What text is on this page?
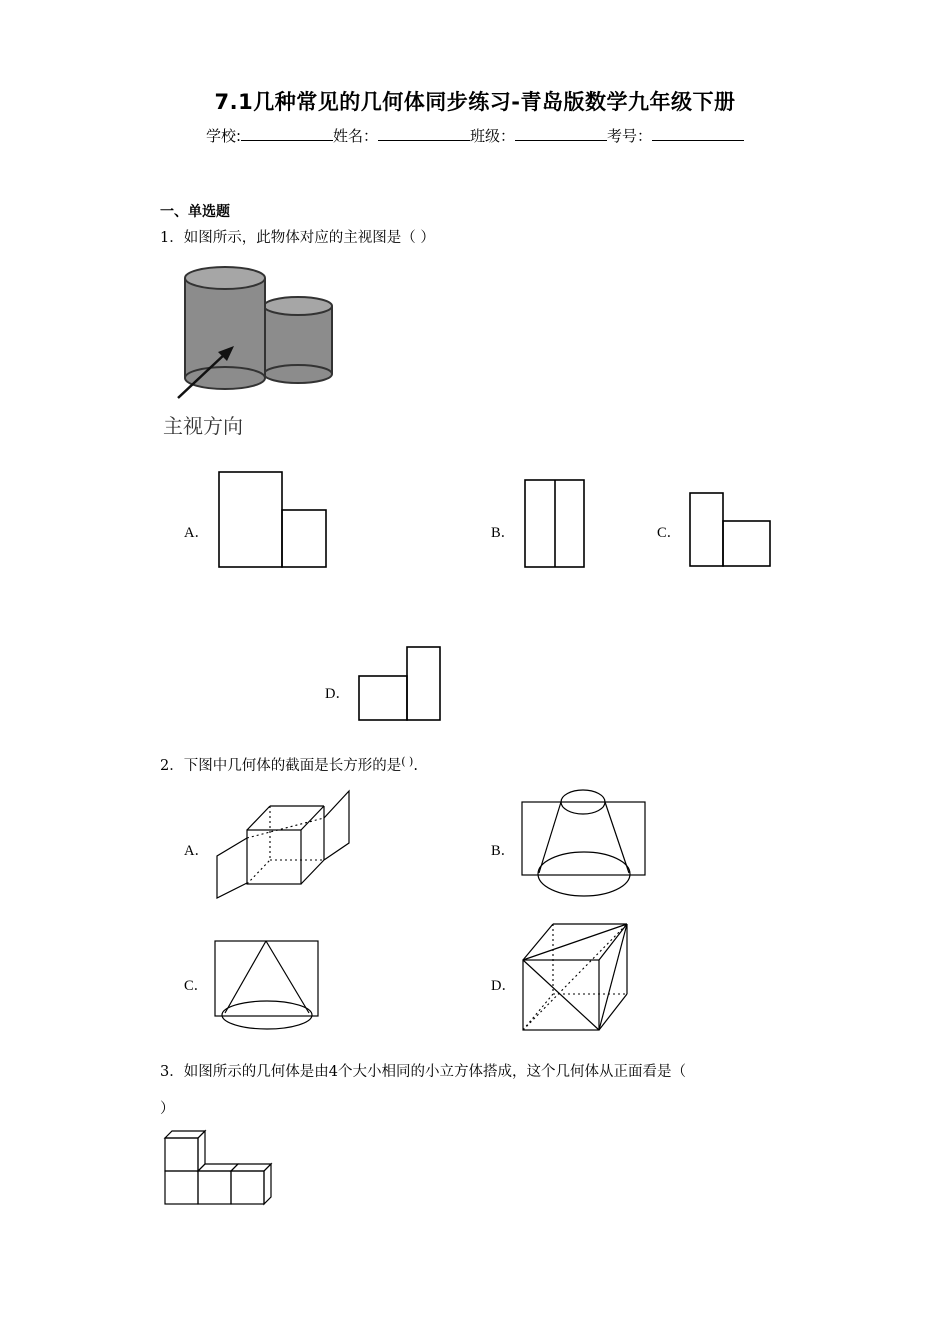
7.1几种常见的几何体同步练习-青岛版数学九年级下册
学校:	姓名：	班级：	考号：
一、单选题
1．如图所示，此物体对应的主视图是（ ）
主视方向
A．	B．	C．
D．
2．下图中几何体的截面是长方形的是( ).
A．	B．
C．	D．
3．如图所示的几何体是由4个大小相同的小立方体搭成，这个几何体从正面看是（
）
